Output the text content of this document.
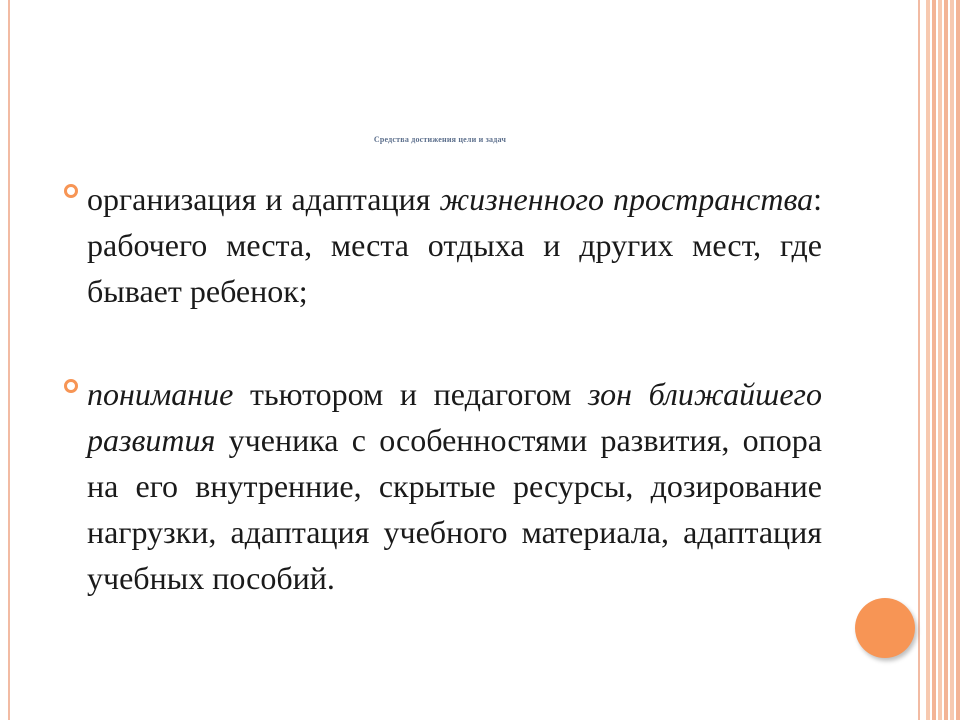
Средства достижения цели и задач
организация и адаптация жизненного пространства: рабочего места, места отдыха и других мест, где бывает ребенок;
понимание тьютором и педагогом зон ближайшего развития ученика с особенностями развития, опора на его внутренние, скрытые ресурсы, дозирование нагрузки, адаптация учебного материала, адаптация учебных пособий.
